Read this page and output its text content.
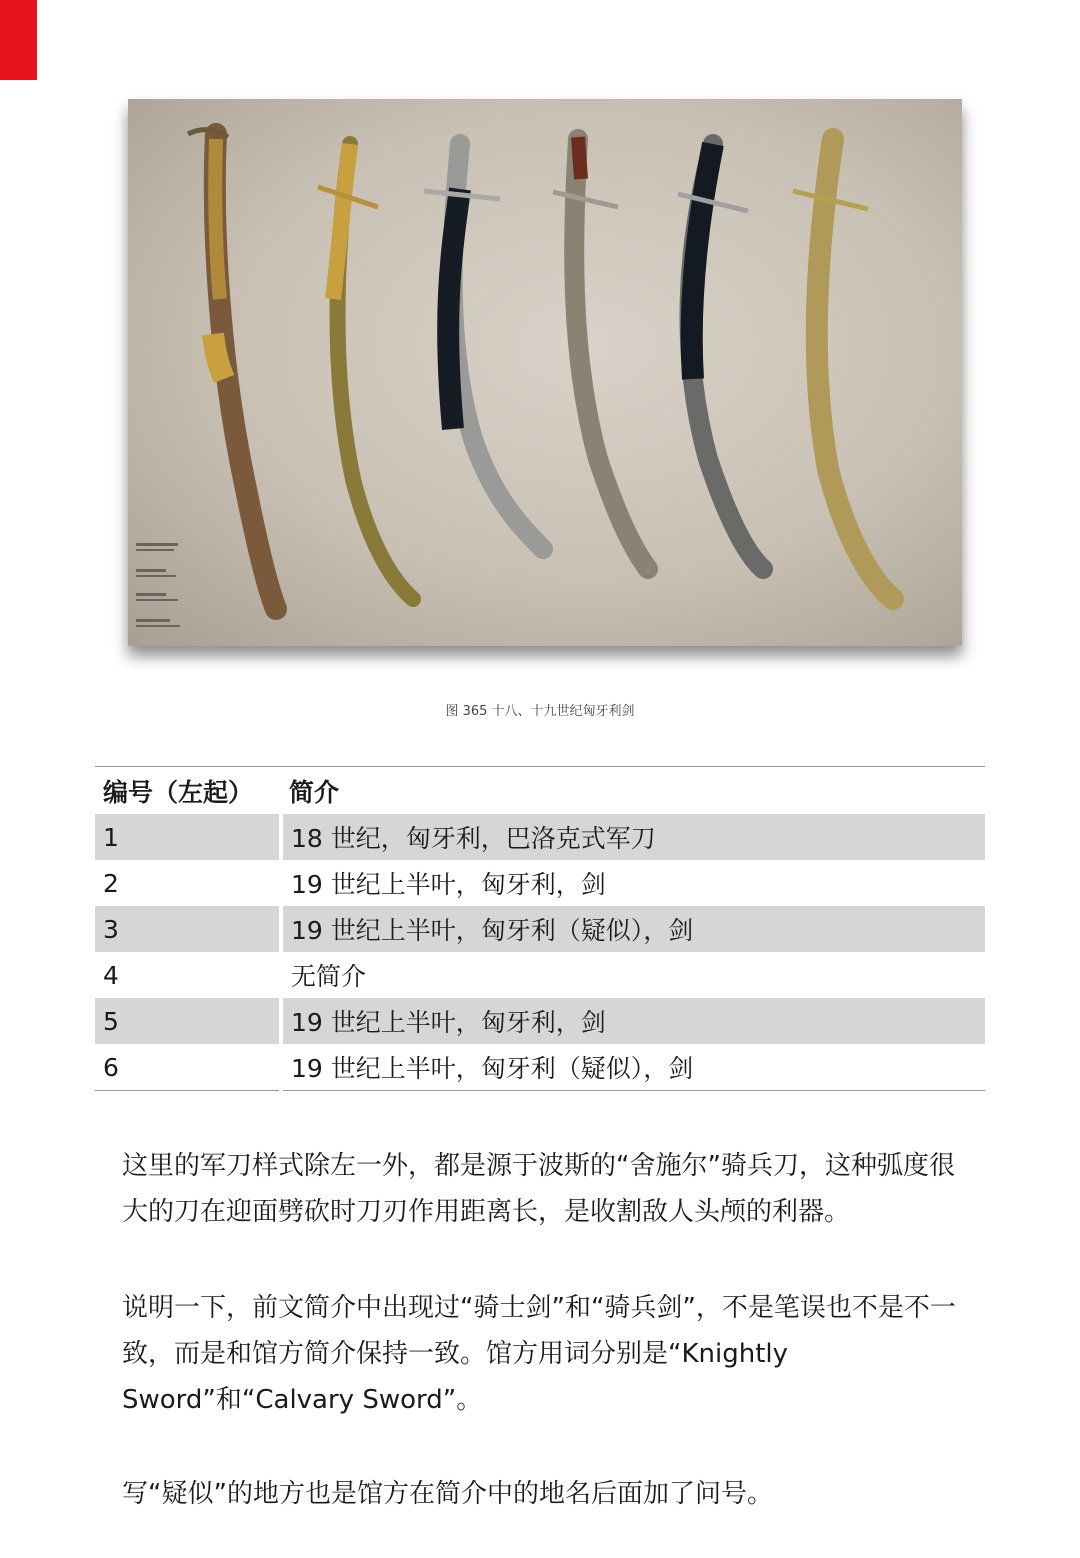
图 365 十八、十九世纪匈牙利剑
编号（左起）	简介
1	18 世纪，匈牙利，巴洛克式军刀
2	19 世纪上半叶，匈牙利，剑
3	19 世纪上半叶，匈牙利（疑似），剑
4	无简介
5	19 世纪上半叶，匈牙利，剑
6	19 世纪上半叶，匈牙利（疑似），剑

这里的军刀样式除左一外，都是源于波斯的“舍施尔”骑兵刀，这种弧度很大的刀在迎面劈砍时刀刃作用距离长，是收割敌人头颅的利器。

说明一下，前文简介中出现过“骑士剑”和“骑兵剑”，不是笔误也不是不一致，而是和馆方简介保持一致。馆方用词分别是“Knightly Sword”和“Calvary Sword”。

写“疑似”的地方也是馆方在简介中的地名后面加了问号。
